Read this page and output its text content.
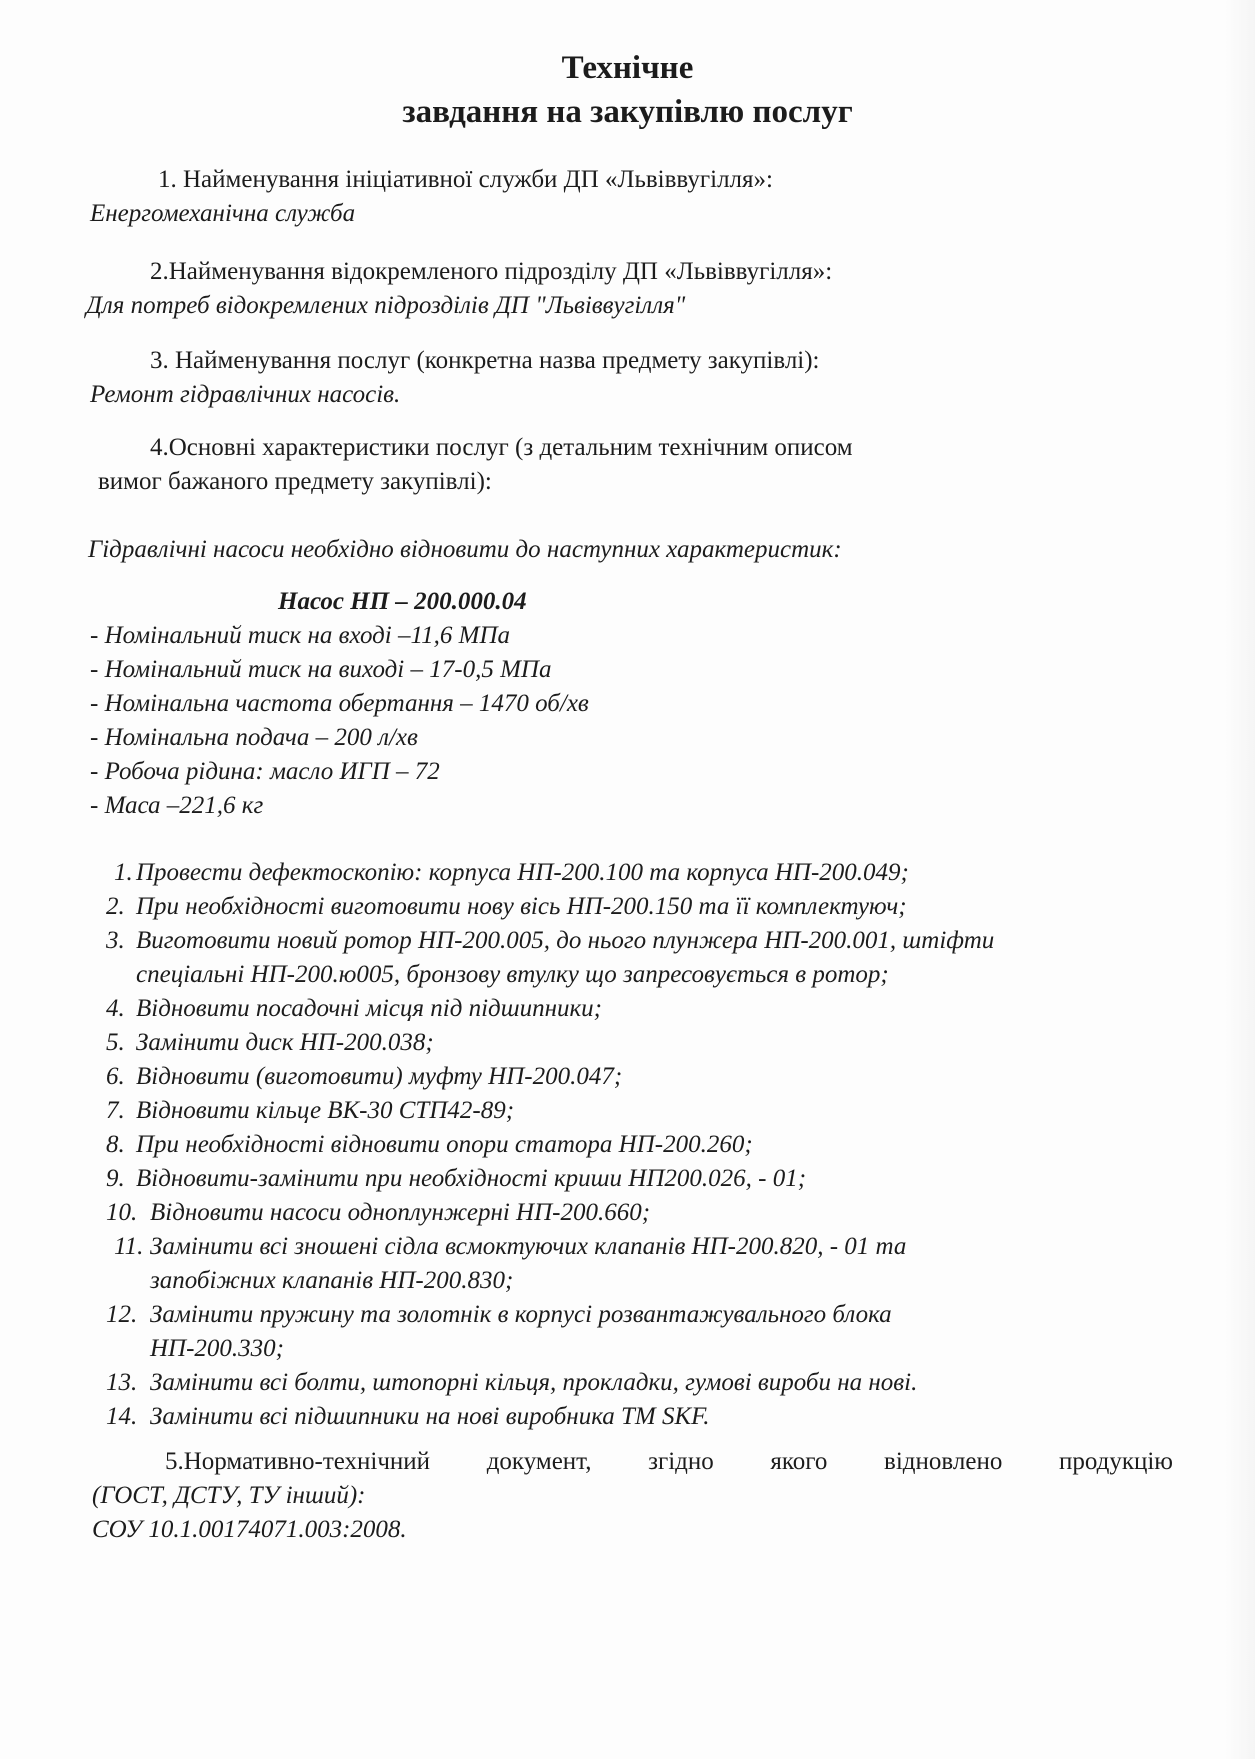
Технічне
завдання на закупівлю послуг
1. Найменування ініціативної служби ДП «Львіввугілля»:
Енергомеханічна служба
2.Найменування відокремленого підрозділу ДП «Львіввугілля»:
Для потреб відокремлених підрозділів ДП "Львіввугілля"
3. Найменування послуг (конкретна назва предмету закупівлі):
Ремонт гідравлічних насосів.
4.Основні характеристики послуг (з детальним технічним описом
вимог бажаного предмету закупівлі):
Гідравлічні насоси необхідно відновити до наступних характеристик:
Насос НП – 200.000.04
- Номінальний тиск на вході –11,6 МПа
- Номінальний тиск на виході – 17-0,5 МПа
- Номінальна частота обертання – 1470 об/хв
- Номінальна подача – 200 л/хв
- Робоча рідина: масло ИГП – 72
- Маса –221,6 кг
1. Провести дефектоскопію: корпуса НП-200.100 та корпуса НП-200.049;
2. При необхідності виготовити нову вісь НП-200.150 та її комплектуюч;
3. Виготовити новий ротор НП-200.005, до нього плунжера НП-200.001, штіфти
спеціальні НП-200.ю005, бронзову втулку що запресовується в ротор;
4. Відновити посадочні місця під підшипники;
5. Замінити диск НП-200.038;
6. Відновити (виготовити) муфту НП-200.047;
7. Відновити кільце ВК-30 СТП42-89;
8. При необхідності відновити опори статора НП-200.260;
9. Відновити-замінити при необхідності криши НП200.026, - 01;
10. Відновити насоси одноплунжерні НП-200.660;
11. Замінити всі зношені сідла всмоктуючих клапанів НП-200.820, - 01 та
запобіжних клапанів НП-200.830;
12. Замінити пружину та золотнік в корпусі розвантажувального блока
НП-200.330;
13. Замінити всі болти, штопорні кільця, прокладки, гумові вироби на нові.
14. Замінити всі підшипники на нові виробника ТМ SKF.
5.Нормативно-технічний документ, згідно якого відновлено продукцію
(ГОСТ, ДСТУ, ТУ інший):
СОУ 10.1.00174071.003:2008.
